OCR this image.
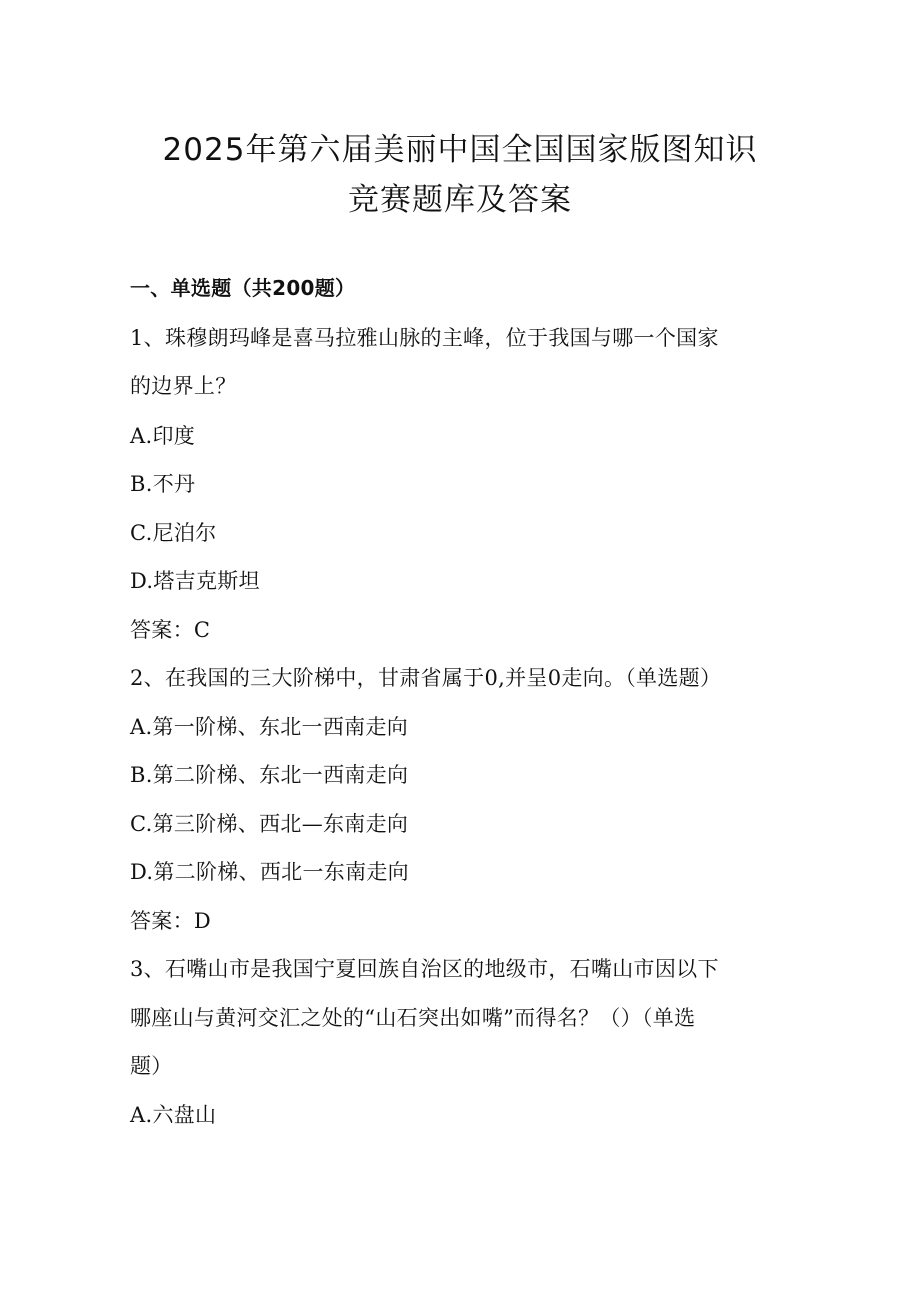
2025年第六届美丽中国全国国家版图知识
竞赛题库及答案
一、单选题（共200题）
1、珠穆朗玛峰是喜马拉雅山脉的主峰，位于我国与哪一个国家
的边界上？
A.印度
B.不丹
C.尼泊尔
D.塔吉克斯坦
答案：C
2、在我国的三大阶梯中，甘肃省属于0,并呈0走向。（单选题）
A.第一阶梯、东北一西南走向
B.第二阶梯、东北一西南走向
C.第三阶梯、西北—东南走向
D.第二阶梯、西北一东南走向
答案：D
3、石嘴山市是我国宁夏回族自治区的地级市，石嘴山市因以下
哪座山与黄河交汇之处的“山石突出如嘴”而得名？（）（单选
题）
A.六盘山
